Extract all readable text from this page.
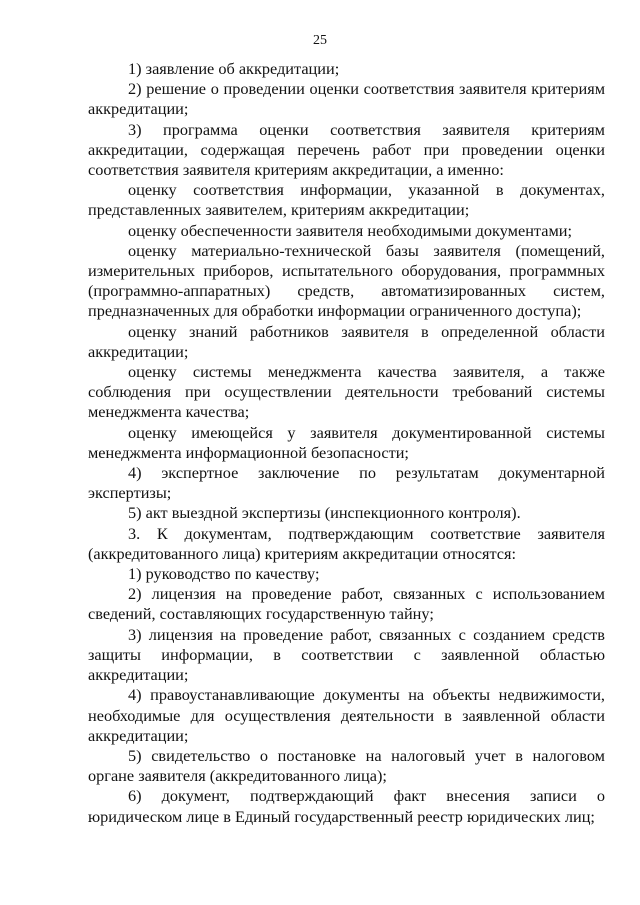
25

1) заявление об аккредитации;

2) решение о проведении оценки соответствия заявителя критериям аккредитации;

3) программа оценки соответствия заявителя критериям аккредитации, содержащая перечень работ при проведении оценки соответствия заявителя критериям аккредитации, а именно:

оценку соответствия информации, указанной в документах, представленных заявителем, критериям аккредитации;

оценку обеспеченности заявителя необходимыми документами;

оценку материально-технической базы заявителя (помещений, измерительных приборов, испытательного оборудования, программных (программно-аппаратных) средств, автоматизированных систем, предназначенных для обработки информации ограниченного доступа);

оценку знаний работников заявителя в определенной области аккредитации;

оценку системы менеджмента качества заявителя, а также соблюдения при осуществлении деятельности требований системы менеджмента качества;

оценку имеющейся у заявителя документированной системы менеджмента информационной безопасности;

4) экспертное заключение по результатам документарной экспертизы;

5) акт выездной экспертизы (инспекционного контроля).

3. К документам, подтверждающим соответствие заявителя (аккредитованного лица) критериям аккредитации относятся:

1) руководство по качеству;

2) лицензия на проведение работ, связанных с использованием сведений, составляющих государственную тайну;

3) лицензия на проведение работ, связанных с созданием средств защиты информации, в соответствии с заявленной областью аккредитации;

4) правоустанавливающие документы на объекты недвижимости, необходимые для осуществления деятельности в заявленной области аккредитации;

5) свидетельство о постановке на налоговый учет в налоговом органе заявителя (аккредитованного лица);

6) документ, подтверждающий факт внесения записи о юридическом лице в Единый государственный реестр юридических лиц;
